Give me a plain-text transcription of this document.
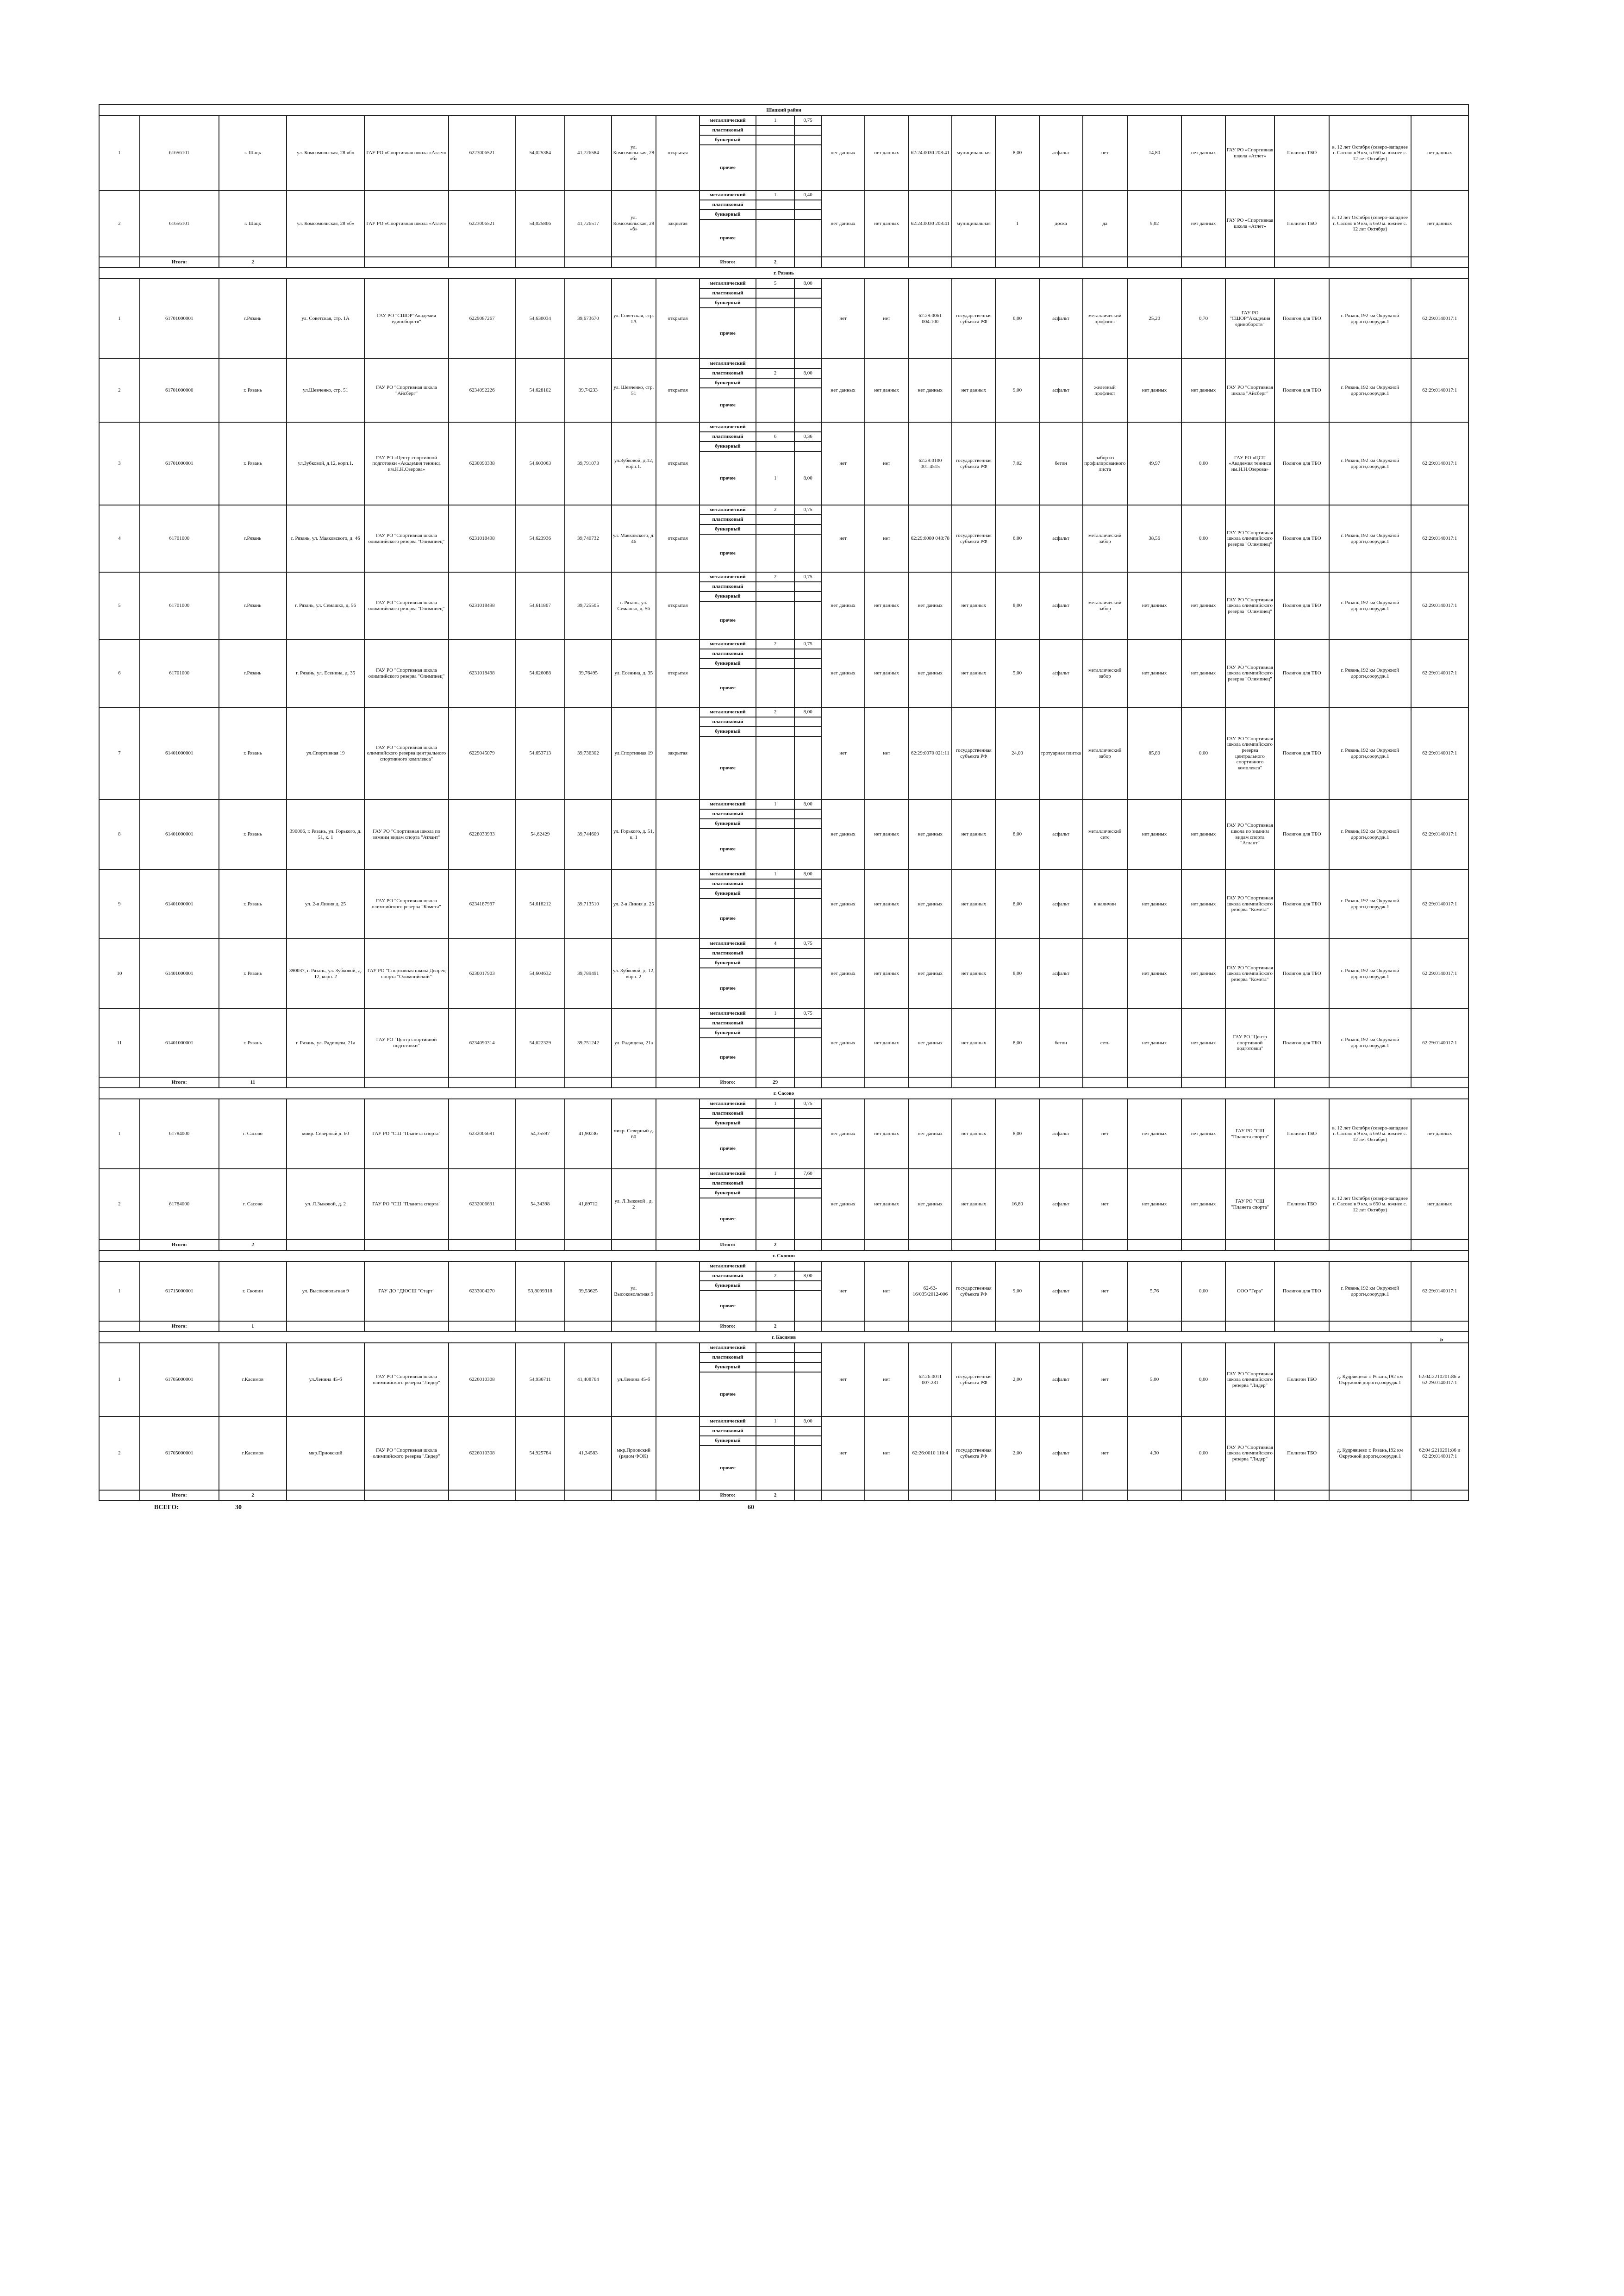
Шацкий район																									
1	61656101	г. Шацк	ул. Комсомольская, 28 «б»	ГАУ РО «Спортивная школа «Атлет»	6223006521	54,025384	41,726584	ул. Комсомольская, 28 «б»	открытая	металлический	1	0,75	нет данных	нет данных	62:24:0030 208:41	муниципальная	8,00	асфальт	нет	14,80	нет данных	ГАУ РО «Спортивная школа «Атлет»	Полигон ТБО	в. 12 лет Октября (северо-западнее г. Сасово в 9 км, в 650 м. южнее с. 12 лет Октября)	нет данных
										пластиковый															
										бункерный															
										прочее															
2	61656101	г. Шацк	ул. Комсомольская, 28 «б»	ГАУ РО «Спортивная школа «Атлет»	6223006521	54,025806	41,726517	ул. Комсомольская, 28 «б»	закрытая	металлический	1	0,40	нет данных	нет данных	62:24:0030 208:41	муниципальная	1	доска	да	9,02	нет данных	ГАУ РО «Спортивная школа «Атлет»	Полигон ТБО	в. 12 лет Октября (северо-западнее г. Сасово в 9 км, в 650 м. южнее с. 12 лет Октября)	нет данных
										пластиковый															
										бункерный															
										прочее															
	Итого:	2								Итого:	2														
г. Рязань																									
1	61701000001	г.Рязань	ул. Советская, стр. 1А	ГАУ РО "СШОР"Академия единоборств"	6229087267	54,630034	39,673670	ул. Советская, стр. 1А	открытая	металлический	5	8,00	нет	нет	62:29:0061 004:100	государственная субъекта РФ	6,00	асфальт	металлический профлист	25,20	0,70	ГАУ РО "СШОР"Академия единоборств"	Полигон для ТБО	г. Рязань,192 км Окружной дороги,соорудж.1	62:29:0140017:1
										пластиковый															
										бункерный															
										прочее															
2	61701000000	г. Рязань	ул.Шевченко, стр. 51	ГАУ РО "Спортивная школа "Айсберг"	6234092226	54,628102	39,74233	ул. Шевченко, стр. 51	открытая	металлический			нет данных	нет данных	нет данных	нет данных	9,00	асфальт	железный профлист	нет данных	нет данных	ГАУ РО "Спортивная школа "Айсберг"	Полигон для ТБО	г. Рязань,192 км Окружной дороги,соорудж.1	62:29:0140017:1
										пластиковый	2	8,00													
										бункерный															
										прочее															
3	61701000001	г. Рязань	ул.Зубковой, д.12, корп.1.	ГАУ РО «Центр спортивной подготовки «Академия тенниса им.Н.Н.Озерова»	6230090338	54,603063	39,791073	ул.Зубковой, д.12, корп.1.	открытая	металлический			нет	нет	62:29:0100 001:4515	государственная субъекта РФ	7,02	бетон	забор из профилированного листа	49,97	0,00	ГАУ РО «ЦСП «Академия тенниса им.Н.Н.Озерова»	Полигон для ТБО	г. Рязань,192 км Окружной дороги,соорудж.1	62:29:0140017:1
										пластиковый	6	0,36													
										бункерный															
										прочее	1	8,00													
4	61701000	г.Рязань	г. Рязань, ул. Маяковского, д. 46	ГАУ РО "Спортивная школа олимпийского резерва "Олимпиец"	6231018498	54,623936	39,740732	ул. Маяковского, д. 46	открытая	металлический	2	0,75	нет	нет	62:29:0080 048:78	государственная субъекта РФ	6,00	асфальт	металлический забор	38,56	0,00	ГАУ РО "Спортивная школа олимпийского резерва "Олимпиец"	Полигон для ТБО	г. Рязань,192 км Окружной дороги,соорудж.1	62:29:0140017:1
										пластиковый															
										бункерный															
										прочее															
5	61701000	г.Рязань	г. Рязань, ул. Семашко, д. 56	ГАУ РО "Спортивная школа олимпийского резерва "Олимпиец"	6231018498	54,611867	39,725505	г. Рязань, ул. Семашко, д. 56	открытая	металлический	2	0,75	нет данных	нет данных	нет данных	нет данных	8,00	асфальт	металлический забор	нет данных	нет данных	ГАУ РО "Спортивная школа олимпийского резерва "Олимпиец"	Полигон для ТБО	г. Рязань,192 км Окружной дороги,соорудж.1	62:29:0140017:1
										пластиковый															
										бункерный															
										прочее															
6	61701000	г.Рязань	г. Рязань, ул. Есенина, д. 35	ГАУ РО "Спортивная школа олимпийского резерва "Олимпиец"	6231018498	54,626088	39,76495	ул. Есенина, д. 35	открытая	металлический	2	0,75	нет данных	нет данных	нет данных	нет данных	5,00	асфальт	металлический забор	нет данных	нет данных	ГАУ РО "Спортивная школа олимпийского резерва "Олимпиец"	Полигон для ТБО	г. Рязань,192 км Окружной дороги,соорудж.1	62:29:0140017:1
										пластиковый															
										бункерный															
										прочее															
7	61401000001	г. Рязань	ул.Спортивная 19	ГАУ РО "Спортивная школа олимпийского резерва центрального спортивного комплекса"	6229045079	54,653713	39,736302	ул.Спортивная 19	закрытая	металлический	2	8,00	нет	нет	62:29:0070 021:11	государственная субъекта РФ	24,00	тротуарная плитка	металлический забор	85,80	0,00	ГАУ РО "Спортивная школа олимпийского резерва центрального спортивного комплекса"	Полигон для ТБО	г. Рязань,192 км Окружной дороги,соорудж.1	62:29:0140017:1
										пластиковый															
										бункерный															
										прочее															
8	61401000001	г. Рязань	390006, г. Рязань, ул. Горького, д. 51, к. 1	ГАУ РО "Спортивная школа по зимним видам спорта "Атлант"	6228033933	54,62429	39,744609	ул. Горького, д. 51, к. 1		металлический	1	8,00	нет данных	нет данных	нет данных	нет данных	8,00	асфальт	металлический сетс	нет данных	нет данных	ГАУ РО "Спортивная школа по зимним видам спорта "Атлант"	Полигон для ТБО	г. Рязань,192 км Окружной дороги,соорудж.1	62:29:0140017:1
										пластиковый															
										бункерный															
										прочее															
9	61401000001	г. Рязань	ул. 2-я Линия д. 25	ГАУ РО "Спортивная школа олимпийского резерва "Комета"	6234187997	54,618212	39,713510	ул. 2-я Линия д. 25		металлический	1	8,00	нет данных	нет данных	нет данных	нет данных	8,00	асфальт	в наличии	нет данных	нет данных	ГАУ РО "Спортивная школа олимпийского резерва "Комета"	Полигон для ТБО	г. Рязань,192 км Окружной дороги,соорудж.1	62:29:0140017:1
										пластиковый															
										бункерный															
										прочее															
10	61401000001	г. Рязань	390037, г. Рязань, ул. Зубковой, д. 12, корп. 2	ГАУ РО "Спортивная школа Дворец спорта "Олимпийский"	6230017903	54,604632	39,789491	ул. Зубковой, д. 12, корп. 2		металлический	4	0,75	нет данных	нет данных	нет данных	нет данных	8,00	асфальт		нет данных	нет данных	ГАУ РО "Спортивная школа олимпийского резерва "Комета"	Полигон для ТБО	г. Рязань,192 км Окружной дороги,соорудж.1	62:29:0140017:1
										пластиковый															
										бункерный															
										прочее															
11	61401000001	г. Рязань	г. Рязань, ул. Радищева, 21а	ГАУ РО "Центр спортивной подготовки"	6234090314	54,622329	39,751242	ул. Радищева, 21а		металлический	1	0,75	нет данных	нет данных	нет данных	нет данных	8,00	бетон	сеть	нет данных	нет данных	ГАУ РО "Центр спортивной подготовки"	Полигон для ТБО	г. Рязань,192 км Окружной дороги,соорудж.1	62:29:0140017:1
										пластиковый															
										бункерный															
										прочее															
	Итого:	11								Итого:	29														
г. Сасово																									
1	61784000	г. Сасово	микр. Северный д. 60	ГАУ РО "СШ "Планета спорта"	6232006691	54,35597	41,90236	микр. Северный д. 60		металлический	1	0,75	нет данных	нет данных	нет данных	нет данных	8,00	асфальт	нет	нет данных	нет данных	ГАУ РО "СШ "Планета спорта"	Полигон ТБО	в. 12 лет Октября (северо-западнее г. Сасово в 9 км, в 650 м. южнее с. 12 лет Октября)	нет данных
										пластиковый															
										бункерный															
										прочее															
2	61784000	г. Сасово	ул. Л.Зыковой, д. 2	ГАУ РО "СШ "Планета спорта"	6232006691	54,34398	41,89712	ул. Л.Зыковой , д. 2		металлический	1	7,60	нет данных	нет данных	нет данных	нет данных	16,80	асфальт	нет	нет данных	нет данных	ГАУ РО "СШ "Планета спорта"	Полигон ТБО	в. 12 лет Октября (северо-западнее г. Сасово в 9 км, в 650 м. южнее с. 12 лет Октября)	нет данных
										пластиковый															
										бункерный															
										прочее															
	Итого:	2								Итого:	2														
г. Скопин																									
1	61715000001	г. Скопин	ул. Высоковольтная 9	ГАУ ДО "ДЮСШ "Старт"	6233004270	53,8099318	39,53625	ул. Высоковольтная 9		металлический			нет	нет	62-62-16/035/2012-006	государственная субъекта РФ	9,00	асфальт	нет	5,76	0,00	ООО "Гера"	Полигон для ТБО	г. Рязань,192 км Окружной дороги,соорудж.1	62:29:0140017:1
										пластиковый	2	8,00													
										бункерный															
										прочее															
	Итого:	1								Итого:	2														
г. Касимов																									
1	61705000001	г.Касимов	ул.Ленина 45-б	ГАУ РО "Спортивная школа олимпийского резерва "Лидер"	6226010308	54,936711	41,408764	ул.Ленина 45-б		металлический			нет	нет	62:26:0011 007:231	государственная субъекта РФ	2,00	асфальт	нет	5,00	0,00	ГАУ РО "Спортивная школа олимпийского резерва "Лидер"	Полигон ТБО	д. Кудрявцево г. Рязань,192 км Окружной дороги,соорудж.1	62:04:2210201:86 и 62:29:0140017:1
										пластиковый															
										бункерный															
										прочее															
2	61705000001	г.Касимов	мкр.Приокский	ГАУ РО "Спортивная школа олимпийского резерва "Лидер"	6226010308	54,925784	41,34583	мкр.Приокский (рядом ФОК)		металлический	1	8,00	нет	нет	62:26:0010 110:4	государственная субъекта РФ	2,00	асфальт	нет	4,30	0,00	ГАУ РО "Спортивная школа олимпийского резерва "Лидер"	Полигон ТБО	д. Кудрявцево г. Рязань,192 км Окружной дороги,соорудж.1	62:04:2210201:86 и 62:29:0140017:1
										пластиковый															
										бункерный															
										прочее															
	Итого:	2								Итого:	2														
ВСЕГО:	30	60
»
